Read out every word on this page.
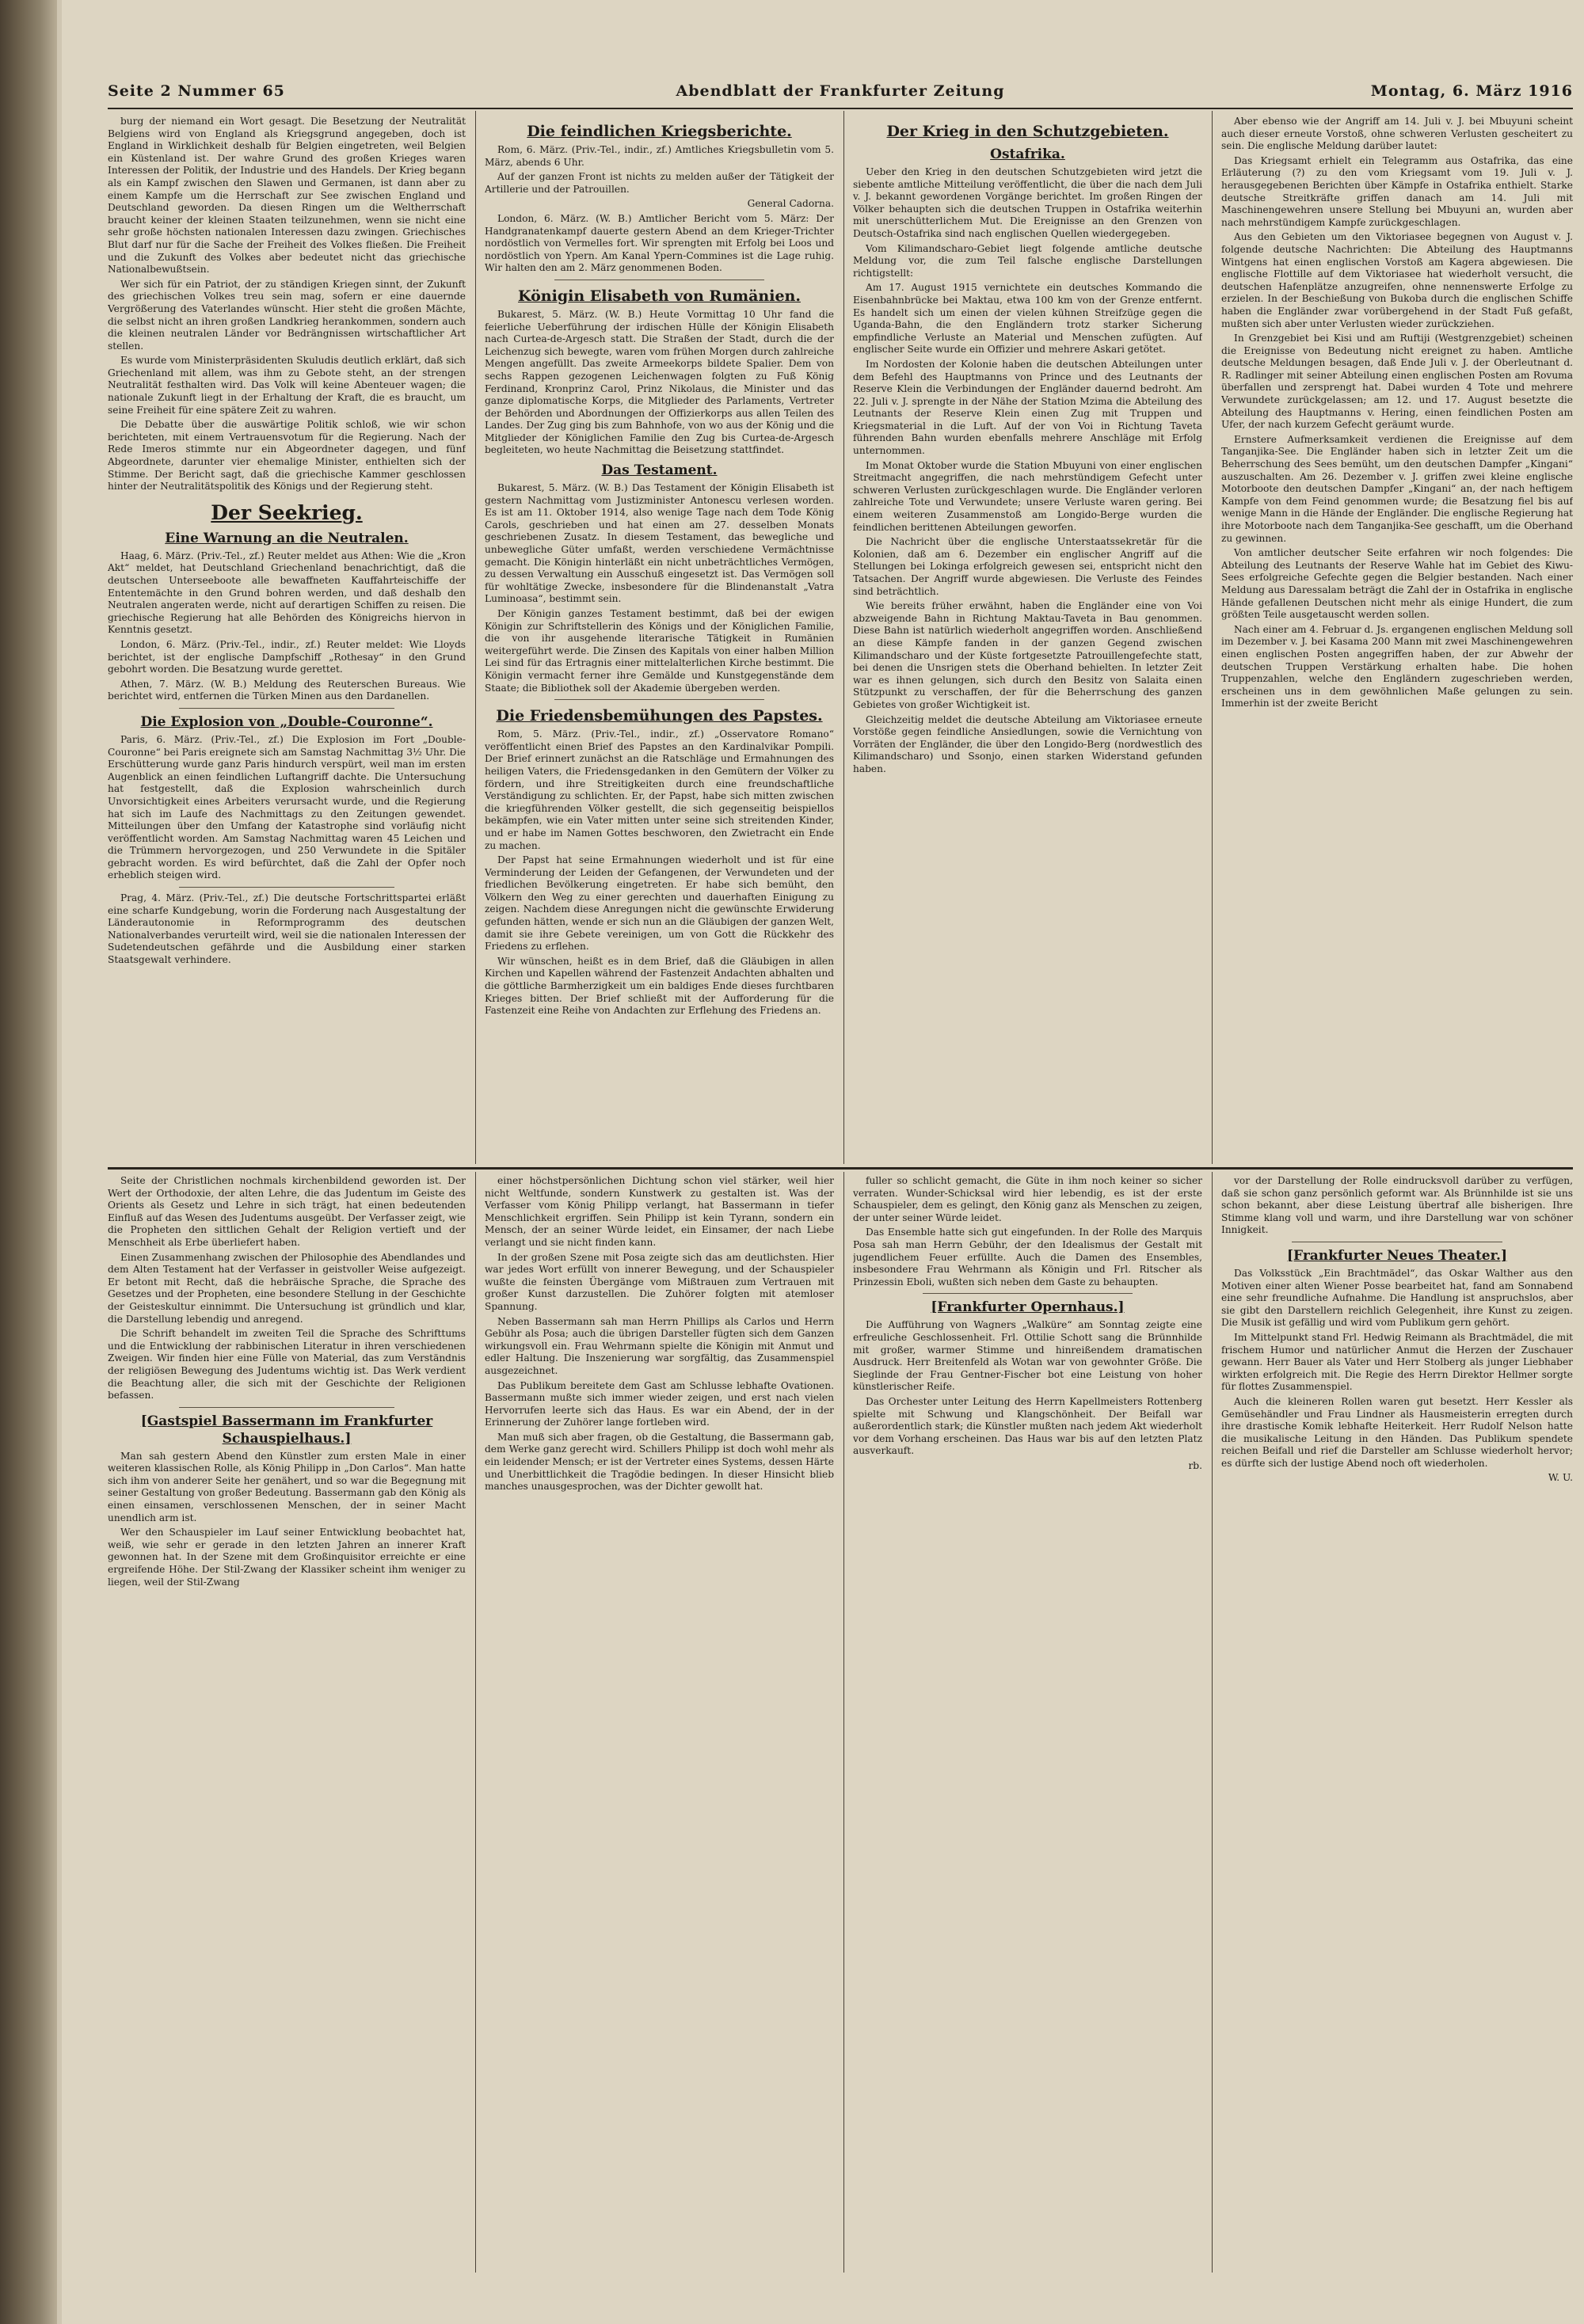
Seite 2 Nummer 65	Abendblatt der Frankfurter Zeitung	Montag, 6. März 1916

burg der niemand ein Wort gesagt. Die Besetzung der Neutralität Belgiens wird von England als Kriegsgrund angegeben, doch ist England in Wirklichkeit deshalb für Belgien eingetreten, weil Belgien ein Küstenland ist. Der wahre Grund des großen Krieges waren Interessen der Politik, der Industrie und des Handels. Der Krieg begann als ein Kampf zwischen den Slawen und Germanen, ist dann aber zu einem Kampfe um die Herrschaft zur See zwischen England und Deutschland geworden. Da diesen Ringen um die Weltherrschaft braucht keiner der kleinen Staaten teilzunehmen, wenn sie nicht eine sehr große höchsten nationalen Interessen dazu zwingen. Griechisches Blut darf nur für die Sache der Freiheit des Volkes fließen. Die Freiheit und die Zukunft des Volkes aber bedeutet nicht das griechische Nationalbewußtsein.

Wer sich für ein Patriot, der zu ständigen Kriegen sinnt, der Zukunft des griechischen Volkes treu sein mag, sofern er eine dauernde Vergrößerung des Vaterlandes wünscht. Hier steht die großen Mächte, die selbst nicht an ihren großen Landkrieg herankommen, sondern auch die kleinen neutralen Länder vor Bedrängnissen wirtschaftlicher Art stellen.

Es wurde vom Ministerpräsidenten Skuludis deutlich erklärt, daß sich Griechenland mit allem, was ihm zu Gebote steht, an der strengen Neutralität festhalten wird. Das Volk will keine Abenteuer wagen; die nationale Zukunft liegt in der Erhaltung der Kraft, die es braucht, um seine Freiheit für eine spätere Zeit zu wahren.

Die Debatte über die auswärtige Politik schloß, wie wir schon berichteten, mit einem Vertrauensvotum für die Regierung. Nach der Rede Imeros stimmte nur ein Abgeordneter dagegen, und fünf Abgeordnete, darunter vier ehemalige Minister, enthielten sich der Stimme. Der Bericht sagt, daß die griechische Kammer geschlossen hinter der Neutralitätspolitik des Königs und der Regierung steht.

Der Seekrieg.
Eine Warnung an die Neutralen.

Haag, 6. März. (Priv.-Tel., zf.) Reuter meldet aus Athen: Wie die „Kron Akt“ meldet, hat Deutschland Griechenland benachrichtigt, daß die deutschen Unterseeboote alle bewaffneten Kauffahrteischiffe der Ententemächte in den Grund bohren werden, und daß deshalb den Neutralen angeraten werde, nicht auf derartigen Schiffen zu reisen. Die griechische Regierung hat alle Behörden des Königreichs hiervon in Kenntnis gesetzt.

London, 6. März. (Priv.-Tel., indir., zf.) Reuter meldet: Wie Lloyds berichtet, ist der englische Dampfschiff „Rothesay“ in den Grund gebohrt worden. Die Besatzung wurde gerettet.

Athen, 7. März. (W. B.) Meldung des Reuterschen Bureaus. Wie berichtet wird, entfernen die Türken Minen aus den Dardanellen.

Die Explosion von „Double-Couronne“.

Paris, 6. März. (Priv.-Tel., zf.) Die Explosion im Fort „Double-Couronne“ bei Paris ereignete sich am Samstag Nachmittag 3½ Uhr. Die Erschütterung wurde ganz Paris hindurch verspürt, weil man im ersten Augenblick an einen feindlichen Luftangriff dachte. Die Untersuchung hat festgestellt, daß die Explosion wahrscheinlich durch Unvorsichtigkeit eines Arbeiters verursacht wurde, und die Regierung hat sich im Laufe des Nachmittags zu den Zeitungen gewendet. Mitteilungen über den Umfang der Katastrophe sind vorläufig nicht veröffentlicht worden. Am Samstag Nachmittag waren 45 Leichen und die Trümmern hervorgezogen, und 250 Verwundete in die Spitäler gebracht worden. Es wird befürchtet, daß die Zahl der Opfer noch erheblich steigen wird.

Prag, 4. März. (Priv.-Tel., zf.) Die deutsche Fortschrittspartei erläßt eine scharfe Kundgebung, worin die Forderung nach Ausgestaltung der Länderautonomie in Reformprogramm des deutschen Nationalverbandes verurteilt wird, weil sie die nationalen Interessen der Sudetendeutschen gefährde und die Ausbildung einer starken Staatsgewalt verhindere.

Die feindlichen Kriegsberichte.

Rom, 6. März. (Priv.-Tel., indir., zf.) Amtliches Kriegsbulletin vom 5. März, abends 6 Uhr.

Auf der ganzen Front ist nichts zu melden außer der Tätigkeit der Artillerie und der Patrouillen.

General Cadorna.

London, 6. März. (W. B.) Amtlicher Bericht vom 5. März: Der Handgranatenkampf dauerte gestern Abend an dem Krieger-Trichter nordöstlich von Vermelles fort. Wir sprengten mit Erfolg bei Loos und nordöstlich von Ypern. Am Kanal Ypern-Commines ist die Lage ruhig. Wir halten den am 2. März genommenen Boden.

Königin Elisabeth von Rumänien.

Bukarest, 5. März. (W. B.) Heute Vormittag 10 Uhr fand die feierliche Ueberführung der irdischen Hülle der Königin Elisabeth nach Curtea-de-Argesch statt. Die Straßen der Stadt, durch die der Leichenzug sich bewegte, waren vom frühen Morgen durch zahlreiche Mengen angefüllt. Das zweite Armeekorps bildete Spalier. Dem von sechs Rappen gezogenen Leichenwagen folgten zu Fuß König Ferdinand, Kronprinz Carol, Prinz Nikolaus, die Minister und das ganze diplomatische Korps, die Mitglieder des Parlaments, Vertreter der Behörden und Abordnungen der Offizierkorps aus allen Teilen des Landes. Der Zug ging bis zum Bahnhofe, von wo aus der König und die Mitglieder der Königlichen Familie den Zug bis Curtea-de-Argesch begleiteten, wo heute Nachmittag die Beisetzung stattfindet.

Das Testament.

Bukarest, 5. März. (W. B.) Das Testament der Königin Elisabeth ist gestern Nachmittag vom Justizminister Antonescu verlesen worden. Es ist am 11. Oktober 1914, also wenige Tage nach dem Tode König Carols, geschrieben und hat einen am 27. desselben Monats geschriebenen Zusatz. In diesem Testament, das bewegliche und unbewegliche Güter umfaßt, werden verschiedene Vermächtnisse gemacht. Die Königin hinterläßt ein nicht unbeträchtliches Vermögen, zu dessen Verwaltung ein Ausschuß eingesetzt ist. Das Vermögen soll für wohltätige Zwecke, insbesondere für die Blindenanstalt „Vatra Luminoasa“, bestimmt sein.

Der Königin ganzes Testament bestimmt, daß bei der ewigen Königin zur Schriftstellerin des Königs und der Königlichen Familie, die von ihr ausgehende literarische Tätigkeit in Rumänien weitergeführt werde. Die Zinsen des Kapitals von einer halben Million Lei sind für das Ertragnis einer mittelalterlichen Kirche bestimmt. Die Königin vermacht ferner ihre Gemälde und Kunstgegenstände dem Staate; die Bibliothek soll der Akademie übergeben werden.

Die Friedensbemühungen des Papstes.

Rom, 5. März. (Priv.-Tel., indir., zf.) „Osservatore Romano“ veröffentlicht einen Brief des Papstes an den Kardinalvikar Pompili. Der Brief erinnert zunächst an die Ratschläge und Ermahnungen des heiligen Vaters, die Friedensgedanken in den Gemütern der Völker zu fördern, und ihre Streitigkeiten durch eine freundschaftliche Verständigung zu schlichten. Er, der Papst, habe sich mitten zwischen die kriegführenden Völker gestellt, die sich gegenseitig beispiellos bekämpfen, wie ein Vater mitten unter seine sich streitenden Kinder, und er habe im Namen Gottes beschworen, den Zwietracht ein Ende zu machen.

Der Papst hat seine Ermahnungen wiederholt und ist für eine Verminderung der Leiden der Gefangenen, der Verwundeten und der friedlichen Bevölkerung eingetreten. Er habe sich bemüht, den Völkern den Weg zu einer gerechten und dauerhaften Einigung zu zeigen. Nachdem diese Anregungen nicht die gewünschte Erwiderung gefunden hätten, wende er sich nun an die Gläubigen der ganzen Welt, damit sie ihre Gebete vereinigen, um von Gott die Rückkehr des Friedens zu erflehen.

Wir wünschen, heißt es in dem Brief, daß die Gläubigen in allen Kirchen und Kapellen während der Fastenzeit Andachten abhalten und die göttliche Barmherzigkeit um ein baldiges Ende dieses furchtbaren Krieges bitten. Der Brief schließt mit der Aufforderung für die Fastenzeit eine Reihe von Andachten zur Erflehung des Friedens an.

Der Krieg in den Schutzgebieten.
Ostafrika.

Ueber den Krieg in den deutschen Schutzgebieten wird jetzt die siebente amtliche Mitteilung veröffentlicht, die über die nach dem Juli v. J. bekannt gewordenen Vorgänge berichtet. Im großen Ringen der Völker behaupten sich die deutschen Truppen in Ostafrika weiterhin mit unerschütterlichem Mut. Die Ereignisse an den Grenzen von Deutsch-Ostafrika sind nach englischen Quellen wiedergegeben.

Vom Kilimandscharo-Gebiet liegt folgende amtliche deutsche Meldung vor, die zum Teil falsche englische Darstellungen richtigstellt:

Am 17. August 1915 vernichtete ein deutsches Kommando die Eisenbahnbrücke bei Maktau, etwa 100 km von der Grenze entfernt. Es handelt sich um einen der vielen kühnen Streifzüge gegen die Uganda-Bahn, die den Engländern trotz starker Sicherung empfindliche Verluste an Material und Menschen zufügten. Auf englischer Seite wurde ein Offizier und mehrere Askari getötet.

Im Nordosten der Kolonie haben die deutschen Abteilungen unter dem Befehl des Hauptmanns von Prince und des Leutnants der Reserve Klein die Verbindungen der Engländer dauernd bedroht. Am 22. Juli v. J. sprengte in der Nähe der Station Mzima die Abteilung des Leutnants der Reserve Klein einen Zug mit Truppen und Kriegsmaterial in die Luft. Auf der von Voi in Richtung Taveta führenden Bahn wurden ebenfalls mehrere Anschläge mit Erfolg unternommen.

Im Monat Oktober wurde die Station Mbuyuni von einer englischen Streitmacht angegriffen, die nach mehrstündigem Gefecht unter schweren Verlusten zurückgeschlagen wurde. Die Engländer verloren zahlreiche Tote und Verwundete; unsere Verluste waren gering. Bei einem weiteren Zusammenstoß am Longido-Berge wurden die feindlichen berittenen Abteilungen geworfen.

Die Nachricht über die englische Unterstaatssekretär für die Kolonien, daß am 6. Dezember ein englischer Angriff auf die Stellungen bei Lokinga erfolgreich gewesen sei, entspricht nicht den Tatsachen. Der Angriff wurde abgewiesen. Die Verluste des Feindes sind beträchtlich.

Wie bereits früher erwähnt, haben die Engländer eine von Voi abzweigende Bahn in Richtung Maktau-Taveta in Bau genommen. Diese Bahn ist natürlich wiederholt angegriffen worden. Anschließend an diese Kämpfe fanden in der ganzen Gegend zwischen Kilimandscharo und der Küste fortgesetzte Patrouillengefechte statt, bei denen die Unsrigen stets die Oberhand behielten. In letzter Zeit war es ihnen gelungen, sich durch den Besitz von Salaita einen Stützpunkt zu verschaffen, der für die Beherrschung des ganzen Gebietes von großer Wichtigkeit ist.

Gleichzeitig meldet die deutsche Abteilung am Viktoriasee erneute Vorstöße gegen feindliche Ansiedlungen, sowie die Vernichtung von Vorräten der Engländer, die über den Longido-Berg (nordwestlich des Kilimandscharo) und Ssonjo, einen starken Widerstand gefunden haben.

Aber ebenso wie der Angriff am 14. Juli v. J. bei Mbuyuni scheint auch dieser erneute Vorstoß, ohne schweren Verlusten gescheitert zu sein. Die englische Meldung darüber lautet:

Das Kriegsamt erhielt ein Telegramm aus Ostafrika, das eine Erläuterung (?) zu den vom Kriegsamt vom 19. Juli v. J. herausgegebenen Berichten über Kämpfe in Ostafrika enthielt. Starke deutsche Streitkräfte griffen danach am 14. Juli mit Maschinengewehren unsere Stellung bei Mbuyuni an, wurden aber nach mehrstündigem Kampfe zurückgeschlagen.

Aus den Gebieten um den Viktoriasee begegnen von August v. J. folgende deutsche Nachrichten: Die Abteilung des Hauptmanns Wintgens hat einen englischen Vorstoß am Kagera abgewiesen. Die englische Flottille auf dem Viktoriasee hat wiederholt versucht, die deutschen Hafenplätze anzugreifen, ohne nennenswerte Erfolge zu erzielen. In der Beschießung von Bukoba durch die englischen Schiffe haben die Engländer zwar vorübergehend in der Stadt Fuß gefaßt, mußten sich aber unter Verlusten wieder zurückziehen.

In Grenzgebiet bei Kisi und am Ruftiji (Westgrenzgebiet) scheinen die Ereignisse von Bedeutung nicht ereignet zu haben. Amtliche deutsche Meldungen besagen, daß Ende Juli v. J. der Oberleutnant d. R. Radlinger mit seiner Abteilung einen englischen Posten am Rovuma überfallen und zersprengt hat. Dabei wurden 4 Tote und mehrere Verwundete zurückgelassen; am 12. und 17. August besetzte die Abteilung des Hauptmanns v. Hering, einen feindlichen Posten am Ufer, der nach kurzem Gefecht geräumt wurde.

Ernstere Aufmerksamkeit verdienen die Ereignisse auf dem Tanganjika-See. Die Engländer haben sich in letzter Zeit um die Beherrschung des Sees bemüht, um den deutschen Dampfer „Kingani“ auszuschalten. Am 26. Dezember v. J. griffen zwei kleine englische Motorboote den deutschen Dampfer „Kingani“ an, der nach heftigem Kampfe von dem Feind genommen wurde; die Besatzung fiel bis auf wenige Mann in die Hände der Engländer. Die englische Regierung hat ihre Motorboote nach dem Tanganjika-See geschafft, um die Oberhand zu gewinnen.

Von amtlicher deutscher Seite erfahren wir noch folgendes: Die Abteilung des Leutnants der Reserve Wahle hat im Gebiet des Kiwu-Sees erfolgreiche Gefechte gegen die Belgier bestanden. Nach einer Meldung aus Daressalam beträgt die Zahl der in Ostafrika in englische Hände gefallenen Deutschen nicht mehr als einige Hundert, die zum größten Teile ausgetauscht werden sollen.

Nach einer am 4. Februar d. Js. ergangenen englischen Meldung soll im Dezember v. J. bei Kasama 200 Mann mit zwei Maschinengewehren einen englischen Posten angegriffen haben, der zur Abwehr der deutschen Truppen Verstärkung erhalten habe. Die hohen Truppenzahlen, welche den Engländern zugeschrieben werden, erscheinen uns in dem gewöhnlichen Maße gelungen zu sein. Immerhin ist der zweite Bericht

Seite der Christlichen nochmals kirchenbildend geworden ist. Der Wert der Orthodoxie, der alten Lehre, die das Judentum im Geiste des Orients als Gesetz und Lehre in sich trägt, hat einen bedeutenden Einfluß auf das Wesen des Judentums ausgeübt. Der Verfasser zeigt, wie die Propheten den sittlichen Gehalt der Religion vertieft und der Menschheit als Erbe überliefert haben.

Einen Zusammenhang zwischen der Philosophie des Abendlandes und dem Alten Testament hat der Verfasser in geistvoller Weise aufgezeigt. Er betont mit Recht, daß die hebräische Sprache, die Sprache des Gesetzes und der Propheten, eine besondere Stellung in der Geschichte der Geisteskultur einnimmt. Die Untersuchung ist gründlich und klar, die Darstellung lebendig und anregend.

Die Schrift behandelt im zweiten Teil die Sprache des Schrifttums und die Entwicklung der rabbinischen Literatur in ihren verschiedenen Zweigen. Wir finden hier eine Fülle von Material, das zum Verständnis der religiösen Bewegung des Judentums wichtig ist. Das Werk verdient die Beachtung aller, die sich mit der Geschichte der Religionen befassen.

[Gastspiel Bassermann im Frankfurter Schauspielhaus.]

Man sah gestern Abend den Künstler zum ersten Male in einer weiteren klassischen Rolle, als König Philipp in „Don Carlos“. Man hatte sich ihm von anderer Seite her genähert, und so war die Begegnung mit seiner Gestaltung von großer Bedeutung. Bassermann gab den König als einen einsamen, verschlossenen Menschen, der in seiner Macht unendlich arm ist.

Wer den Schauspieler im Lauf seiner Entwicklung beobachtet hat, weiß, wie sehr er gerade in den letzten Jahren an innerer Kraft gewonnen hat. In der Szene mit dem Großinquisitor erreichte er eine ergreifende Höhe. Der Stil-Zwang der Klassiker scheint ihm weniger zu liegen, weil der Stil-Zwang

einer höchstpersönlichen Dichtung schon viel stärker, weil hier nicht Weltfunde, sondern Kunstwerk zu gestalten ist. Was der Verfasser vom König Philipp verlangt, hat Bassermann in tiefer Menschlichkeit ergriffen. Sein Philipp ist kein Tyrann, sondern ein Mensch, der an seiner Würde leidet, ein Einsamer, der nach Liebe verlangt und sie nicht finden kann.

In der großen Szene mit Posa zeigte sich das am deutlichsten. Hier war jedes Wort erfüllt von innerer Bewegung, und der Schauspieler wußte die feinsten Übergänge vom Mißtrauen zum Vertrauen mit großer Kunst darzustellen. Die Zuhörer folgten mit atemloser Spannung.

Neben Bassermann sah man Herrn Phillips als Carlos und Herrn Gebühr als Posa; auch die übrigen Darsteller fügten sich dem Ganzen wirkungsvoll ein. Frau Wehrmann spielte die Königin mit Anmut und edler Haltung. Die Inszenierung war sorgfältig, das Zusammenspiel ausgezeichnet.

Das Publikum bereitete dem Gast am Schlusse lebhafte Ovationen. Bassermann mußte sich immer wieder zeigen, und erst nach vielen Hervorrufen leerte sich das Haus. Es war ein Abend, der in der Erinnerung der Zuhörer lange fortleben wird.

Man muß sich aber fragen, ob die Gestaltung, die Bassermann gab, dem Werke ganz gerecht wird. Schillers Philipp ist doch wohl mehr als ein leidender Mensch; er ist der Vertreter eines Systems, dessen Härte und Unerbittlichkeit die Tragödie bedingen. In dieser Hinsicht blieb manches unausgesprochen, was der Dichter gewollt hat.

fuller so schlicht gemacht, die Güte in ihm noch keiner so sicher verraten. Wunder-Schicksal wird hier lebendig, es ist der erste Schauspieler, dem es gelingt, den König ganz als Menschen zu zeigen, der unter seiner Würde leidet.

Das Ensemble hatte sich gut eingefunden. In der Rolle des Marquis Posa sah man Herrn Gebühr, der den Idealismus der Gestalt mit jugendlichem Feuer erfüllte. Auch die Damen des Ensembles, insbesondere Frau Wehrmann als Königin und Frl. Ritscher als Prinzessin Eboli, wußten sich neben dem Gaste zu behaupten.

[Frankfurter Opernhaus.]

Die Aufführung von Wagners „Walküre“ am Sonntag zeigte eine erfreuliche Geschlossenheit. Frl. Ottilie Schott sang die Brünnhilde mit großer, warmer Stimme und hinreißendem dramatischen Ausdruck. Herr Breitenfeld als Wotan war von gewohnter Größe. Die Sieglinde der Frau Gentner-Fischer bot eine Leistung von hoher künstlerischer Reife.

Das Orchester unter Leitung des Herrn Kapellmeisters Rottenberg spielte mit Schwung und Klangschönheit. Der Beifall war außerordentlich stark; die Künstler mußten nach jedem Akt wiederholt vor dem Vorhang erscheinen. Das Haus war bis auf den letzten Platz ausverkauft.

rb.

vor der Darstellung der Rolle eindrucksvoll darüber zu verfügen, daß sie schon ganz persönlich geformt war. Als Brünnhilde ist sie uns schon bekannt, aber diese Leistung übertraf alle bisherigen. Ihre Stimme klang voll und warm, und ihre Darstellung war von schöner Innigkeit.

[Frankfurter Neues Theater.]

Das Volksstück „Ein Brachtmädel“, das Oskar Walther aus den Motiven einer alten Wiener Posse bearbeitet hat, fand am Sonnabend eine sehr freundliche Aufnahme. Die Handlung ist anspruchslos, aber sie gibt den Darstellern reichlich Gelegenheit, ihre Kunst zu zeigen. Die Musik ist gefällig und wird vom Publikum gern gehört.

Im Mittelpunkt stand Frl. Hedwig Reimann als Brachtmädel, die mit frischem Humor und natürlicher Anmut die Herzen der Zuschauer gewann. Herr Bauer als Vater und Herr Stolberg als junger Liebhaber wirkten erfolgreich mit. Die Regie des Herrn Direktor Hellmer sorgte für flottes Zusammenspiel.

Auch die kleineren Rollen waren gut besetzt. Herr Kessler als Gemüsehändler und Frau Lindner als Hausmeisterin erregten durch ihre drastische Komik lebhafte Heiterkeit. Herr Rudolf Nelson hatte die musikalische Leitung in den Händen. Das Publikum spendete reichen Beifall und rief die Darsteller am Schlusse wiederholt hervor; es dürfte sich der lustige Abend noch oft wiederholen.

W. U.
